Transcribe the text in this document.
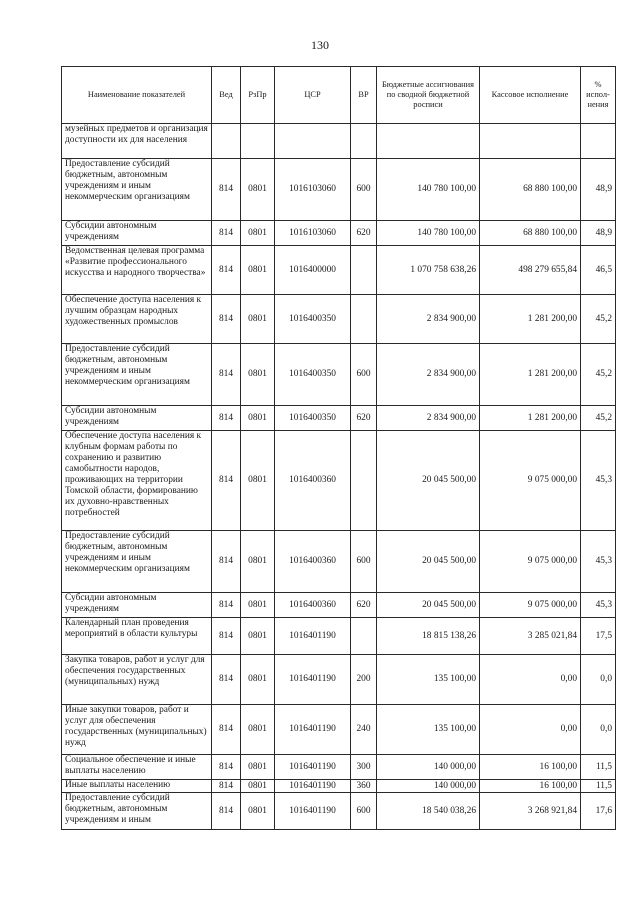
130
Наименование показателей	Вед	РзПр	ЦСР	ВР	Бюджетные ассигнования по сводной бюджетной росписи	Кассовое исполнение	% испол-нения
музейных предметов и организация доступности их для населения							
Предоставление субсидий бюджетным, автономным учреждениям и иным некоммерческим организациям	814	0801	1016103060	600	140 780 100,00	68 880 100,00	48,9
Субсидии автономным учреждениям	814	0801	1016103060	620	140 780 100,00	68 880 100,00	48,9
Ведомственная целевая программа «Развитие профессионального искусства и народного творчества»	814	0801	1016400000		1 070 758 638,26	498 279 655,84	46,5
Обеспечение доступа населения к лучшим образцам народных художественных промыслов	814	0801	1016400350		2 834 900,00	1 281 200,00	45,2
Предоставление субсидий бюджетным, автономным учреждениям и иным некоммерческим организациям	814	0801	1016400350	600	2 834 900,00	1 281 200,00	45,2
Субсидии автономным учреждениям	814	0801	1016400350	620	2 834 900,00	1 281 200,00	45,2
Обеспечение доступа населения к клубным формам работы по сохранению и развитию самобытности народов, проживающих на территории Томской области, формированию их духовно-нравственных потребностей	814	0801	1016400360		20 045 500,00	9 075 000,00	45,3
Предоставление субсидий бюджетным, автономным учреждениям и иным некоммерческим организациям	814	0801	1016400360	600	20 045 500,00	9 075 000,00	45,3
Субсидии автономным учреждениям	814	0801	1016400360	620	20 045 500,00	9 075 000,00	45,3
Календарный план проведения мероприятий в области культуры	814	0801	1016401190		18 815 138,26	3 285 021,84	17,5
Закупка товаров, работ и услуг для обеспечения государственных (муниципальных) нужд	814	0801	1016401190	200	135 100,00	0,00	0,0
Иные закупки товаров, работ и услуг для обеспечения государственных (муниципальных) нужд	814	0801	1016401190	240	135 100,00	0,00	0,0
Социальное обеспечение и иные выплаты населению	814	0801	1016401190	300	140 000,00	16 100,00	11,5
Иные выплаты населению	814	0801	1016401190	360	140 000,00	16 100,00	11,5
Предоставление субсидий бюджетным, автономным учреждениям и иным	814	0801	1016401190	600	18 540 038,26	3 268 921,84	17,6
